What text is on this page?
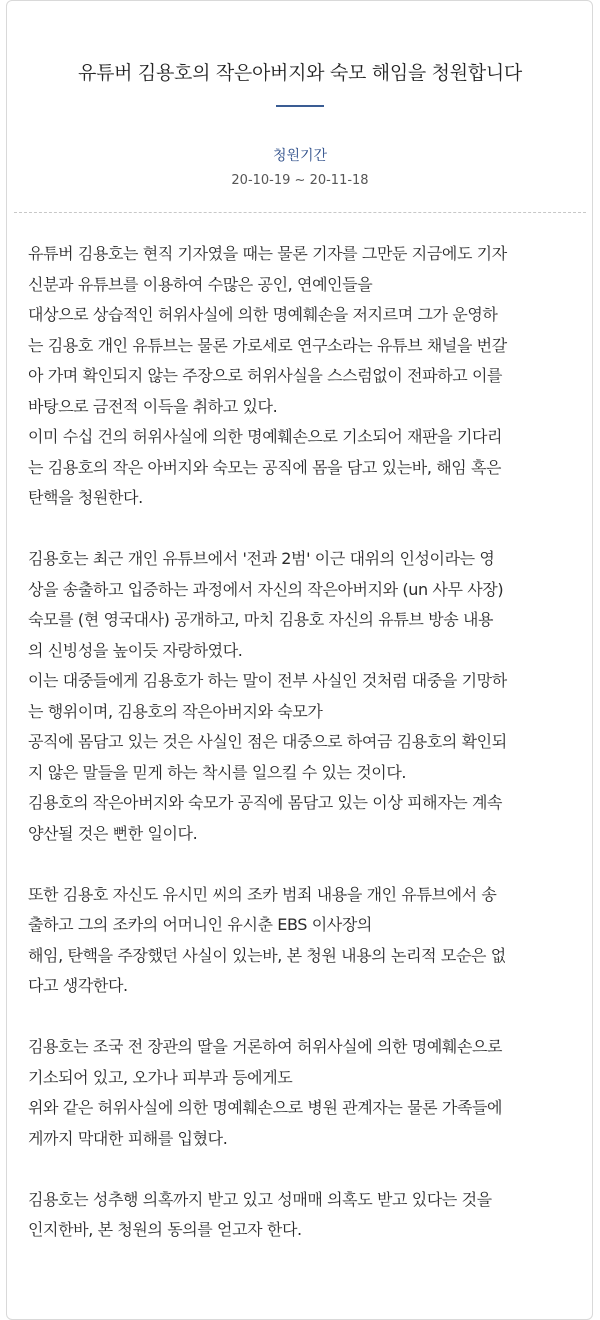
유튜버 김용호의 작은아버지와 숙모 해임을 청원합니다
청원기간
20-10-19 ~ 20-11-18
유튜버 김용호는 현직 기자였을 때는 물론 기자를 그만둔 지금에도 기자
신분과 유튜브를 이용하여 수많은 공인, 연예인들을
대상으로 상습적인 허위사실에 의한 명예훼손을 저지르며 그가 운영하
는 김용호 개인 유튜브는 물론 가로세로 연구소라는 유튜브 채널을 번갈
아 가며 확인되지 않는 주장으로 허위사실을 스스럼없이 전파하고 이를
바탕으로 금전적 이득을 취하고 있다.
이미 수십 건의 허위사실에 의한 명예훼손으로 기소되어 재판을 기다리
는 김용호의 작은 아버지와 숙모는 공직에 몸을 담고 있는바, 해임 혹은
탄핵을 청원한다.
김용호는 최근 개인 유튜브에서 '전과 2범' 이근 대위의 인성이라는 영
상을 송출하고 입증하는 과정에서 자신의 작은아버지와 (un 사무 사장)
숙모를 (현 영국대사) 공개하고, 마치 김용호 자신의 유튜브 방송 내용
의 신빙성을 높이듯 자랑하였다.
이는 대중들에게 김용호가 하는 말이 전부 사실인 것처럼 대중을 기망하
는 행위이며, 김용호의 작은아버지와 숙모가
공직에 몸담고 있는 것은 사실인 점은 대중으로 하여금 김용호의 확인되
지 않은 말들을 믿게 하는 착시를 일으킬 수 있는 것이다.
김용호의 작은아버지와 숙모가 공직에 몸담고 있는 이상 피해자는 계속
양산될 것은 뻔한 일이다.
또한 김용호 자신도 유시민 씨의 조카 범죄 내용을 개인 유튜브에서 송
출하고 그의 조카의 어머니인 유시춘 EBS 이사장의
해임, 탄핵을 주장했던 사실이 있는바, 본 청원 내용의 논리적 모순은 없
다고 생각한다.
김용호는 조국 전 장관의 딸을 거론하여 허위사실에 의한 명예훼손으로
기소되어 있고, 오가나 피부과 등에게도
위와 같은 허위사실에 의한 명예훼손으로 병원 관계자는 물론 가족들에
게까지 막대한 피해를 입혔다.
김용호는 성추행 의혹까지 받고 있고 성매매 의혹도 받고 있다는 것을
인지한바, 본 청원의 동의를 얻고자 한다.
